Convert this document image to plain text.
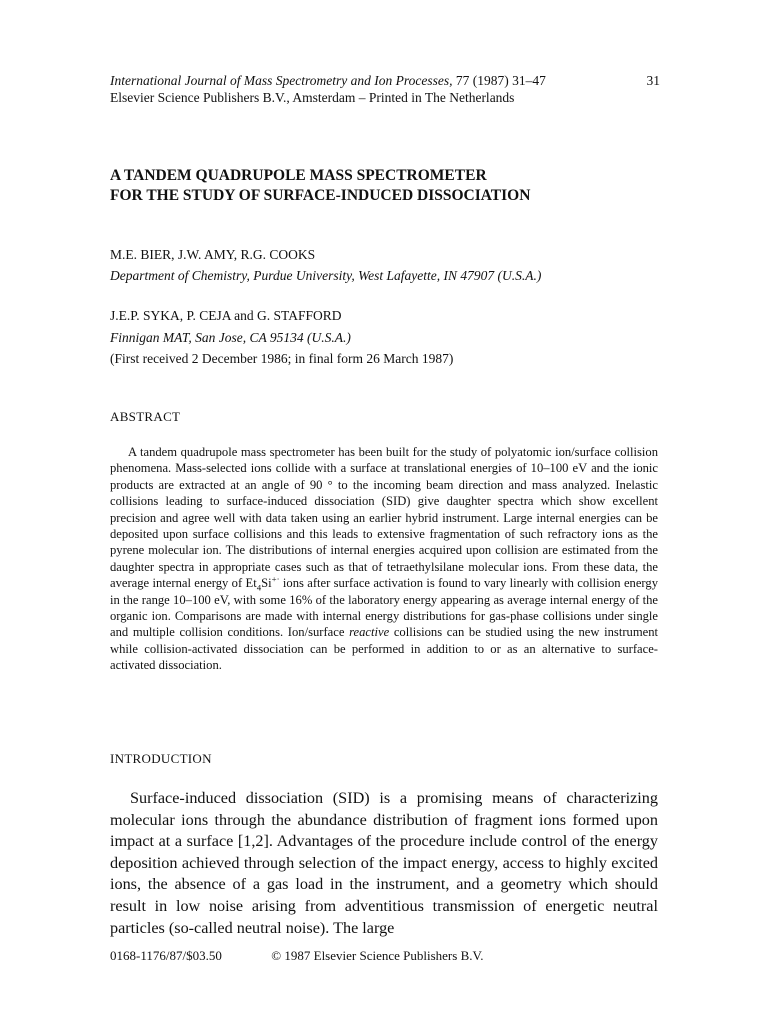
International Journal of Mass Spectrometry and Ion Processes, 77 (1987) 31–47	31
Elsevier Science Publishers B.V., Amsterdam – Printed in The Netherlands
A TANDEM QUADRUPOLE MASS SPECTROMETER
FOR THE STUDY OF SURFACE-INDUCED DISSOCIATION
M.E. BIER, J.W. AMY, R.G. COOKS
Department of Chemistry, Purdue University, West Lafayette, IN 47907 (U.S.A.)
J.E.P. SYKA, P. CEJA and G. STAFFORD
Finnigan MAT, San Jose, CA 95134 (U.S.A.)
(First received 2 December 1986; in final form 26 March 1987)
ABSTRACT
A tandem quadrupole mass spectrometer has been built for the study of polyatomic ion/surface collision phenomena. Mass-selected ions collide with a surface at translational energies of 10–100 eV and the ionic products are extracted at an angle of 90 ° to the incoming beam direction and mass analyzed. Inelastic collisions leading to surface-induced dissociation (SID) give daughter spectra which show excellent precision and agree well with data taken using an earlier hybrid instrument. Large internal energies can be deposited upon surface collisions and this leads to extensive fragmentation of such refractory ions as the pyrene molecular ion. The distributions of internal energies acquired upon collision are estimated from the daughter spectra in appropriate cases such as that of tetraethylsilane molecular ions. From these data, the average internal energy of $Et_4Si^{+\cdot}$ ions after surface activation is found to vary linearly with collision energy in the range 10–100 eV, with some 16% of the laboratory energy appearing as average internal energy of the organic ion. Comparisons are made with internal energy distributions for gas-phase collisions under single and multiple collision conditions. Ion/surface reactive collisions can be studied using the new instrument while collision-activated dissociation can be performed in addition to or as an alternative to surface-activated dissociation.
INTRODUCTION
Surface-induced dissociation (SID) is a promising means of characterizing molecular ions through the abundance distribution of fragment ions formed upon impact at a surface [1,2]. Advantages of the procedure include control of the energy deposition achieved through selection of the impact energy, access to highly excited ions, the absence of a gas load in the instrument, and a geometry which should result in low noise arising from adventitious transmission of energetic neutral particles (so-called neutral noise). The large
0168-1176/87/$03.50	© 1987 Elsevier Science Publishers B.V.
